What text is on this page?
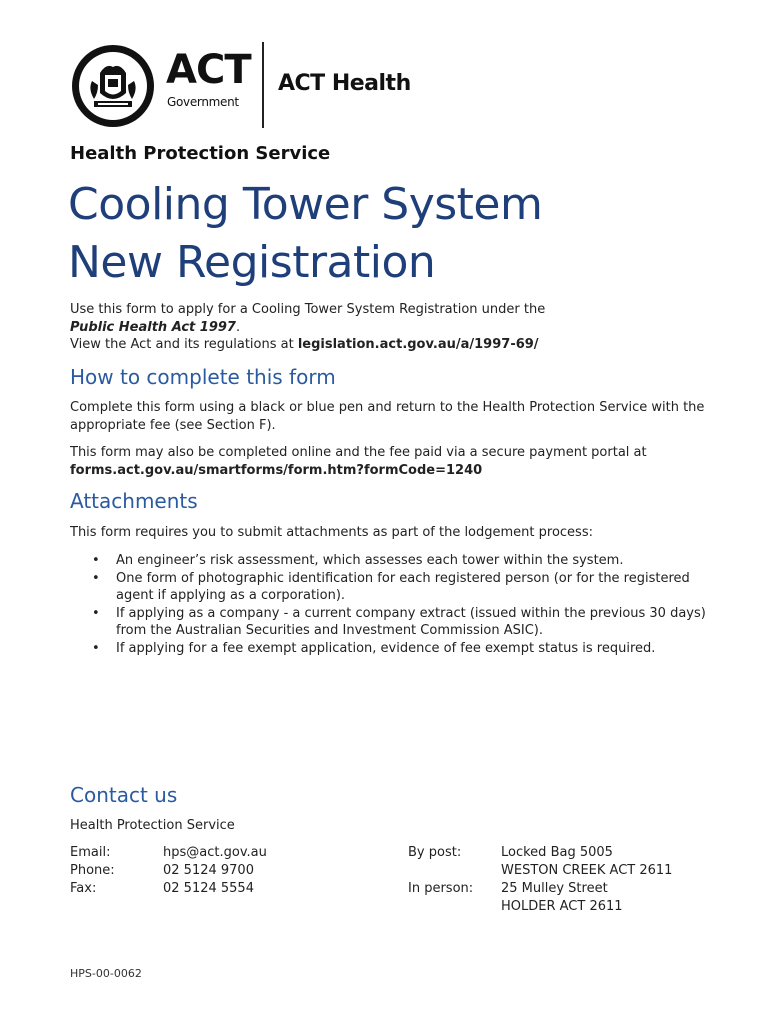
ACT
Government
ACT Health
Health Protection Service
Cooling Tower System
New Registration
Use this form to apply for a Cooling Tower System Registration under the
Public Health Act 1997.
View the Act and its regulations at legislation.act.gov.au/a/1997-69/
How to complete this form
Complete this form using a black or blue pen and return to the Health Protection Service with the appropriate fee (see Section F).
This form may also be completed online and the fee paid via a secure payment portal at
forms.act.gov.au/smartforms/form.htm?formCode=1240
Attachments
This form requires you to submit attachments as part of the lodgement process:
• An engineer’s risk assessment, which assesses each tower within the system.
• One form of photographic identification for each registered person (or for the registered agent if applying as a corporation).
• If applying as a company - a current company extract (issued within the previous 30 days) from the Australian Securities and Investment Commission ASIC).
• If applying for a fee exempt application, evidence of fee exempt status is required.
Contact us
Health Protection Service
Email:	hps@act.gov.au
Phone:	02 5124 9700
Fax:	02 5124 5554
By post:	Locked Bag 5005
WESTON CREEK ACT 2611
In person: 25 Mulley Street
HOLDER ACT 2611
HPS-00-0062
